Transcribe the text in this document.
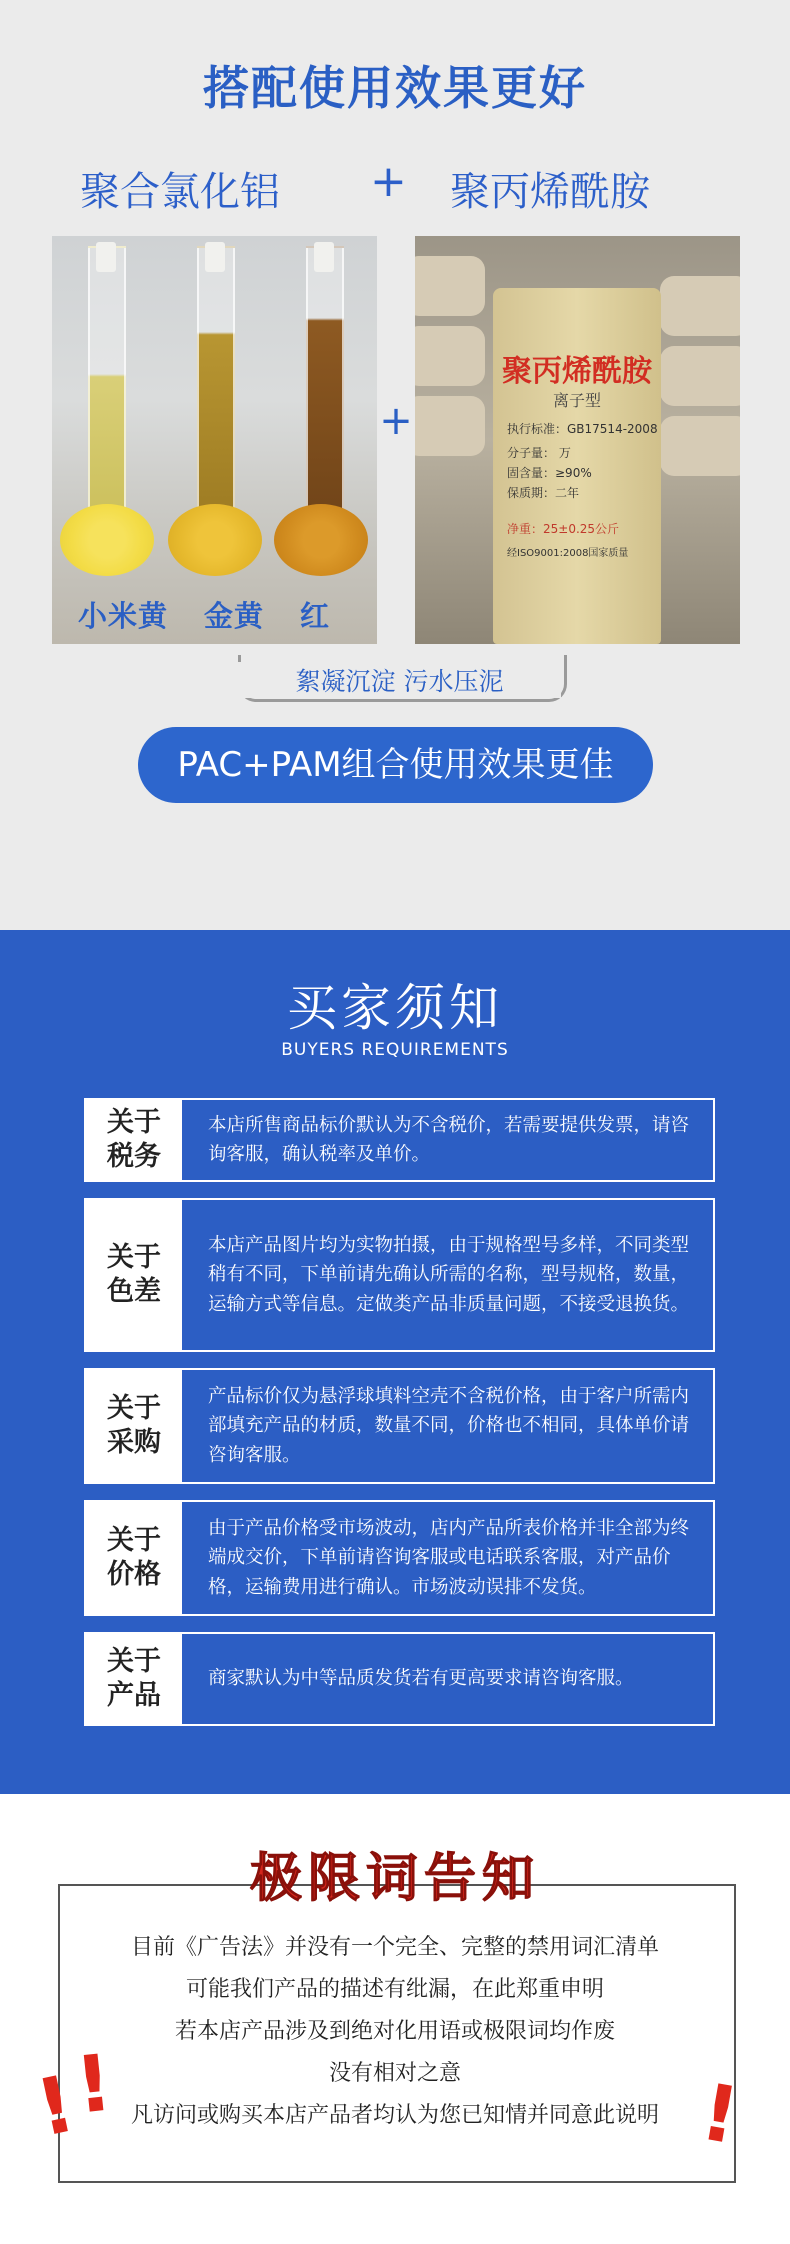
搭配使用效果更好
聚合氯化铝 + 聚丙烯酰胺
小米黄 金黄 红
+
聚丙烯酰胺
离子型
执行标准：GB17514-2008
分子量： 万
固含量：≥90%
保质期：二年
净重：25±0.25公斤
经ISO9001:2008国家质量
絮凝沉淀 污水压泥
PAC+PAM组合使用效果更佳
买家须知
BUYERS REQUIREMENTS
关于
税务
本店所售商品标价默认为不含税价，若需要提供发票，请咨询客服，确认税率及单价。
关于
色差
本店产品图片均为实物拍摄，由于规格型号多样，不同类型稍有不同，下单前请先确认所需的名称，型号规格，数量，运输方式等信息。定做类产品非质量问题，不接受退换货。
关于
采购
产品标价仅为悬浮球填料空壳不含税价格，由于客户所需内部填充产品的材质，数量不同，价格也不相同，具体单价请咨询客服。
关于
价格
由于产品价格受市场波动，店内产品所表价格并非全部为终端成交价，下单前请咨询客服或电话联系客服，对产品价格，运输费用进行确认。市场波动误排不发货。
关于
产品
商家默认为中等品质发货若有更高要求请咨询客服。
极限词告知
目前《广告法》并没有一个完全、完整的禁用词汇清单
可能我们产品的描述有纰漏，在此郑重申明
若本店产品涉及到绝对化用语或极限词均作废
没有相对之意
凡访问或购买本店产品者均认为您已知情并同意此说明
!
!	!
